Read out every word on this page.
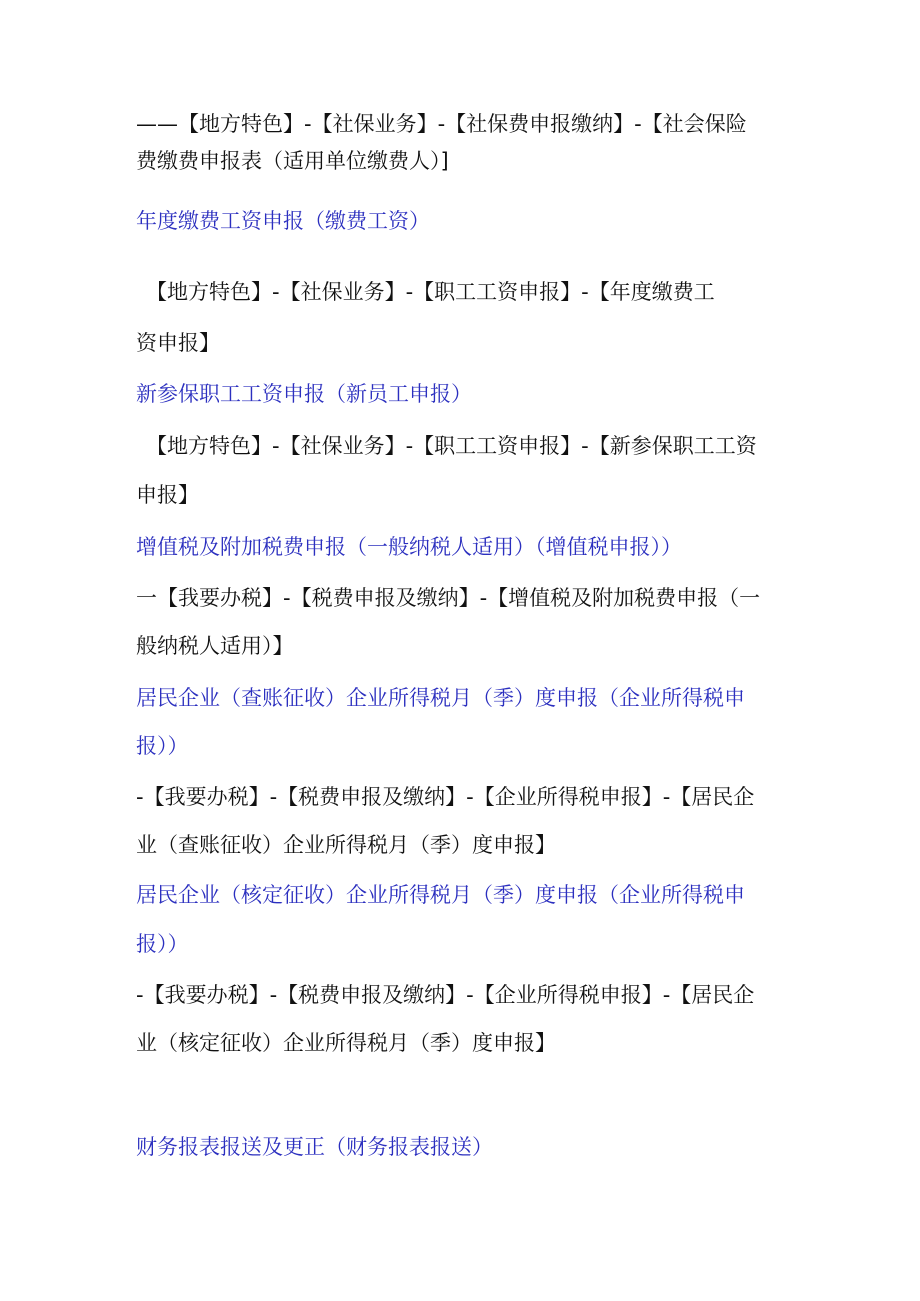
——【地方特色】-【社保业务】-【社保费申报缴纳】-【社会保险
费缴费申报表（适用单位缴费人）]
年度缴费工资申报（缴费工资）
【地方特色】-【社保业务】-【职工工资申报】-【年度缴费工
资申报】
新参保职工工资申报（新员工申报）
【地方特色】-【社保业务】-【职工工资申报】-【新参保职工工资
申报】
增值税及附加税费申报（一般纳税人适用）（增值税申报））
一【我要办税】-【税费申报及缴纳】-【增值税及附加税费申报（一
般纳税人适用）】
居民企业（查账征收）企业所得税月（季）度申报（企业所得税申
报））
-【我要办税】-【税费申报及缴纳】-【企业所得税申报】-【居民企
业（查账征收）企业所得税月（季）度申报】
居民企业（核定征收）企业所得税月（季）度申报（企业所得税申
报））
-【我要办税】-【税费申报及缴纳】-【企业所得税申报】-【居民企
业（核定征收）企业所得税月（季）度申报】
财务报表报送及更正（财务报表报送）
